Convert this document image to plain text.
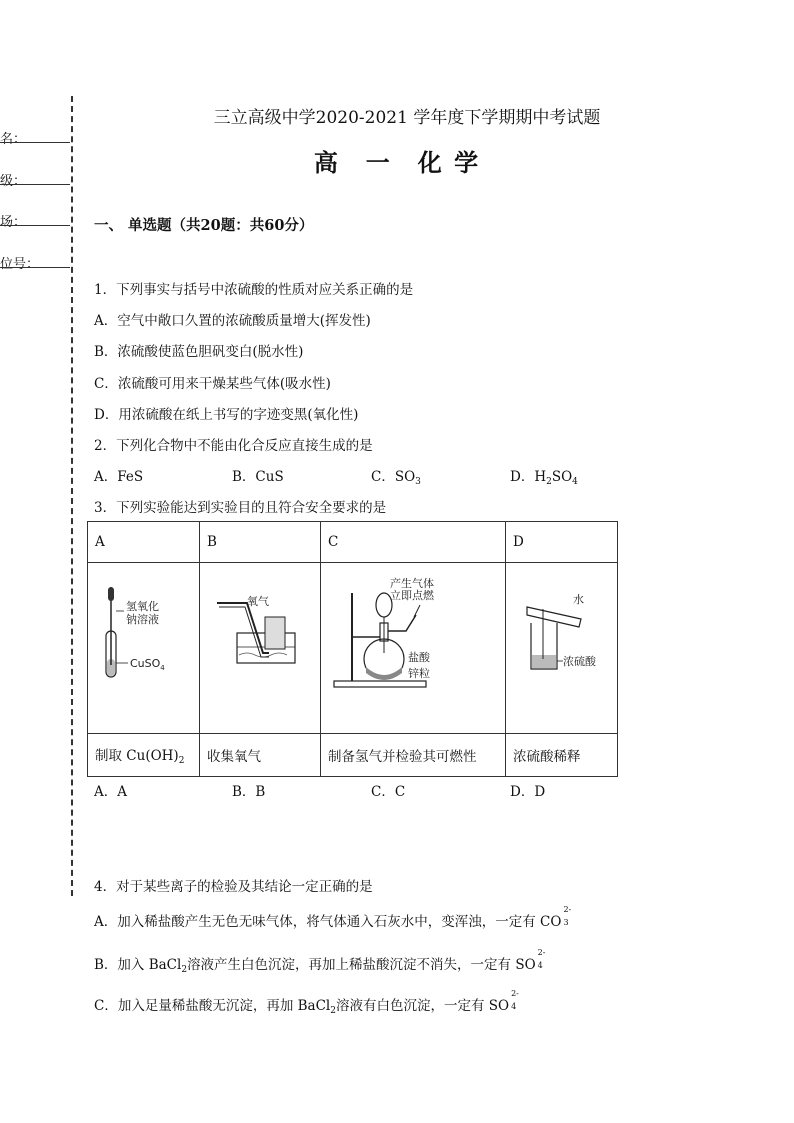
名：
级：
场：
位号：
三立高级中学2020-2021 学年度下学期期中考试题
高　一　化 学
一、 单选题（共20题：共60分）
1．下列事实与括号中浓硫酸的性质对应关系正确的是
A．空气中敞口久置的浓硫酸质量增大(挥发性)
B．浓硫酸使蓝色胆矾变白(脱水性)
C．浓硫酸可用来干燥某些气体(吸水性)
D．用浓硫酸在纸上书写的字迹变黑(氧化性)
2．下列化合物中不能由化合反应直接生成的是
A．FeS	B．CuS	C．$SO_3$	D．$H_2SO_4$
3．下列实验能达到实验目的且符合安全要求的是
A	B	C	D

氢氧化
钠溶液
CuSO$_4$	氧气	产生气体
立即点燃
盐酸
锌粒	水
浓硫酸

制取 $Cu(OH)_2$	收集氧气	制备氢气并检验其可燃性	浓硫酸稀释
A．A	B．B	C．C	D．D
4．对于某些离子的检验及其结论一定正确的是
A．加入稀盐酸产生无色无味气体，将气体通入石灰水中，变浑浊，一定有 CO
2-
3
B．加入 BaCl$_2$溶液产生白色沉淀，再加上稀盐酸沉淀不消失，一定有 SO
2-
4
C．加入足量稀盐酸无沉淀，再加 BaCl$_2$溶液有白色沉淀，一定有 SO
2-
4
